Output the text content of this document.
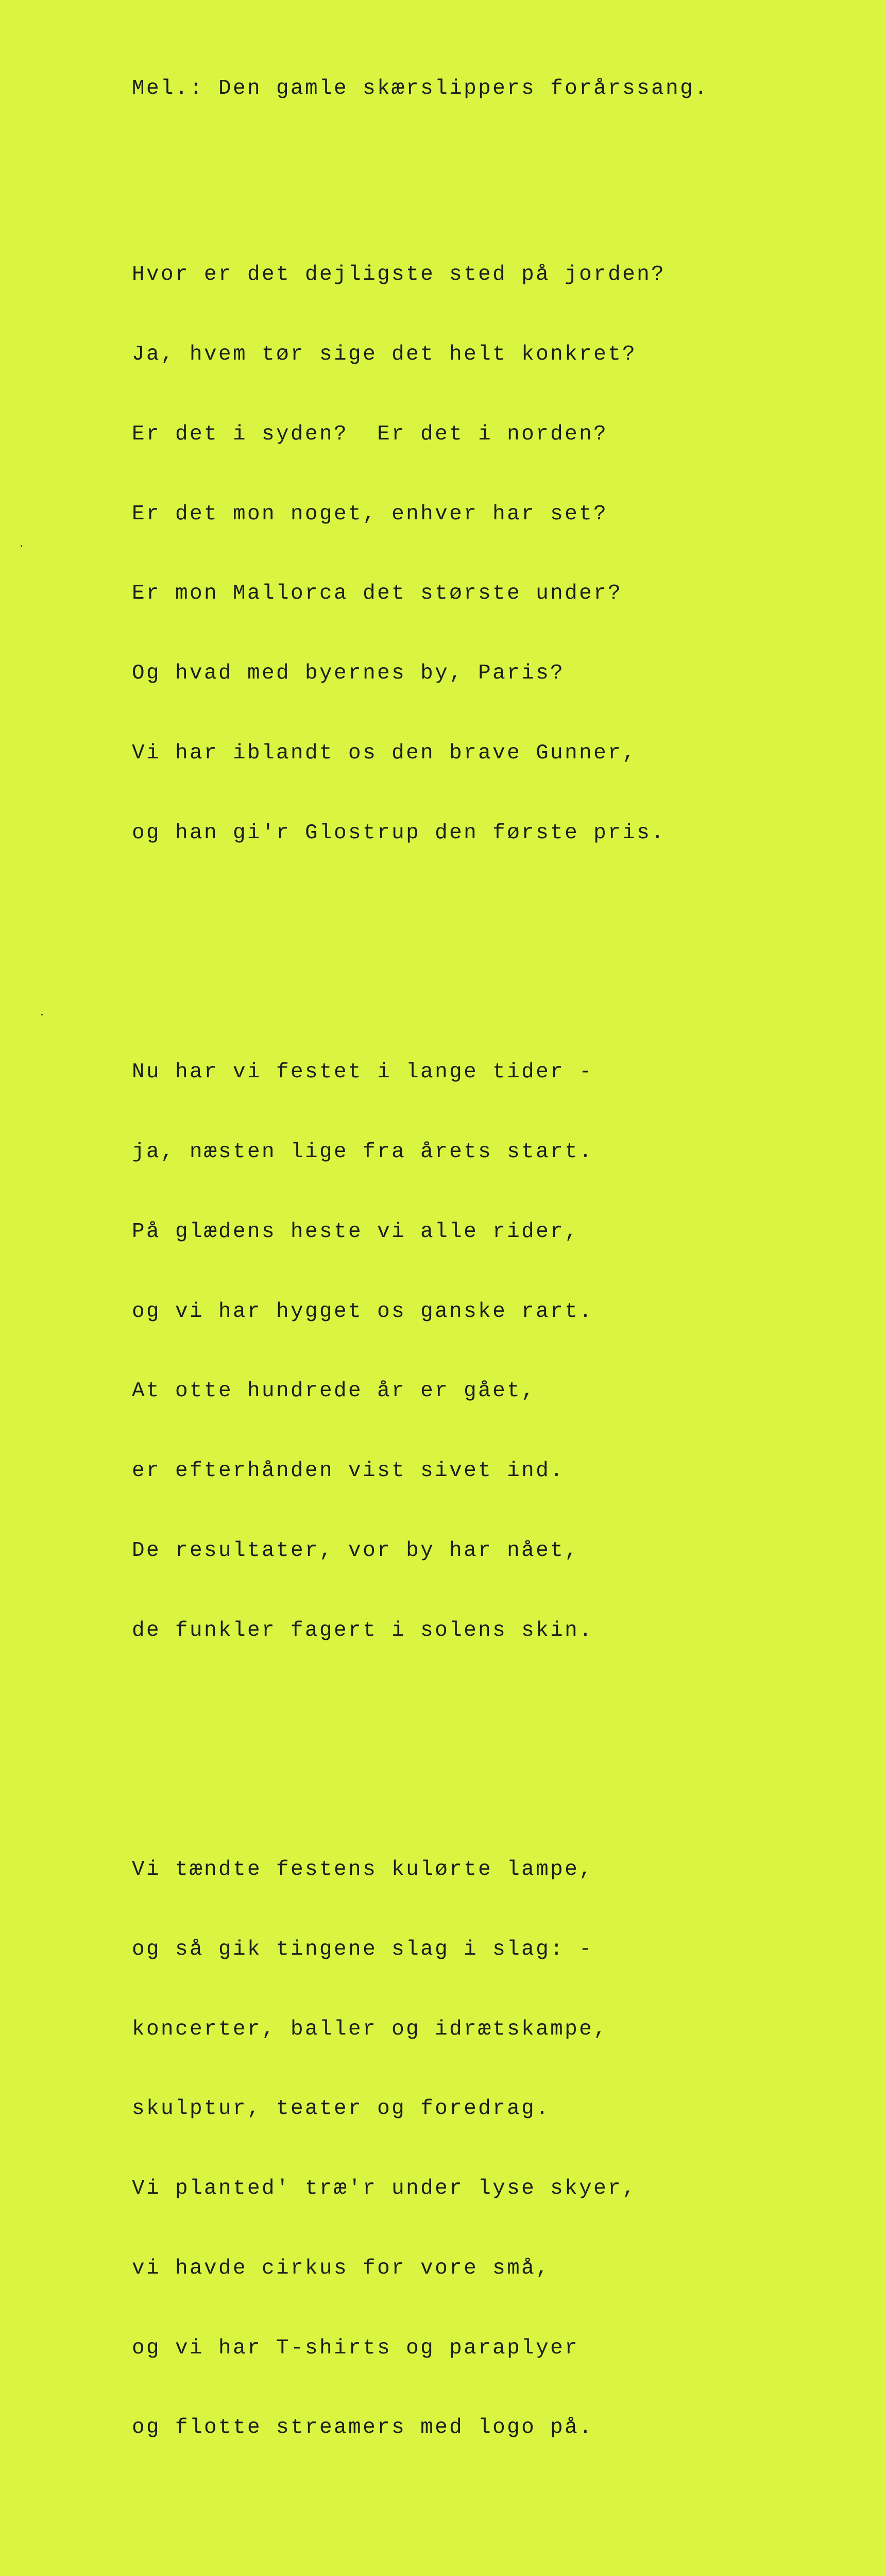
Mel.: Den gamle skærslippers forårssang.

Hvor er det dejligste sted på jorden?

Ja, hvem tør sige det helt konkret?

Er det i syden?  Er det i norden?

Er det mon noget, enhver har set?

Er mon Mallorca det største under?

Og hvad med byernes by, Paris?

Vi har iblandt os den brave Gunner,

og han gi'r Glostrup den første pris.

Nu har vi festet i lange tider -

ja, næsten lige fra årets start.

På glædens heste vi alle rider,

og vi har hygget os ganske rart.

At otte hundrede år er gået,

er efterhånden vist sivet ind.

De resultater, vor by har nået,

de funkler fagert i solens skin.

Vi tændte festens kulørte lampe,

og så gik tingene slag i slag: -

koncerter, baller og idrætskampe,

skulptur, teater og foredrag.

Vi planted' træ'r under lyse skyer,

vi havde cirkus for vore små,

og vi har T-shirts og paraplyer

og flotte streamers med logo på.
